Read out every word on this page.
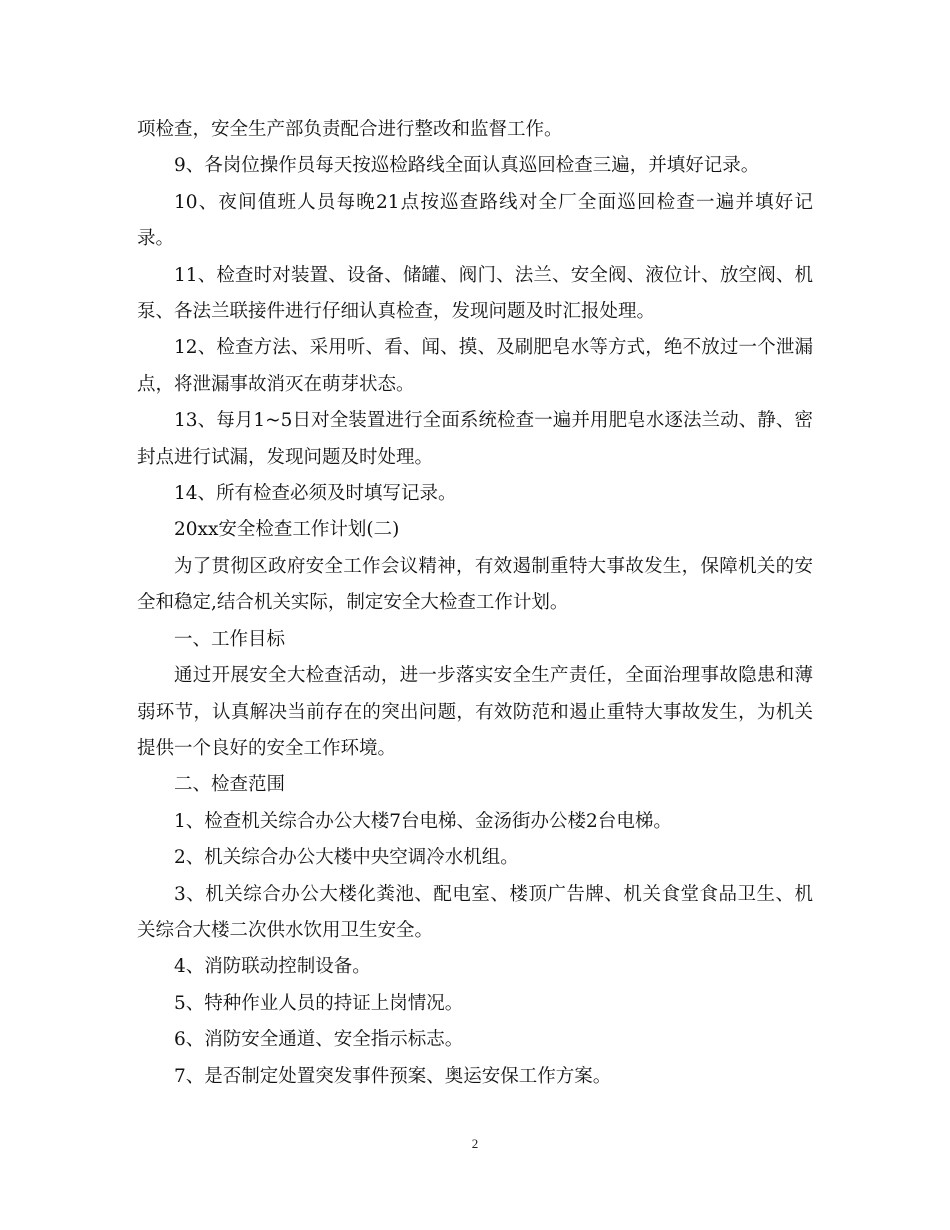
项检查，安全生产部负责配合进行整改和监督工作。

9、各岗位操作员每天按巡检路线全面认真巡回检查三遍，并填好记录。

10、夜间值班人员每晚21点按巡查路线对全厂全面巡回检查一遍并填好记录。

11、检查时对装置、设备、储罐、阀门、法兰、安全阀、液位计、放空阀、机泵、各法兰联接件进行仔细认真检查，发现问题及时汇报处理。

12、检查方法、采用听、看、闻、摸、及刷肥皂水等方式，绝不放过一个泄漏点，将泄漏事故消灭在萌芽状态。

13、每月1~5日对全装置进行全面系统检查一遍并用肥皂水逐法兰动、静、密封点进行试漏，发现问题及时处理。

14、所有检查必须及时填写记录。

20xx安全检查工作计划(二)

为了贯彻区政府安全工作会议精神，有效遏制重特大事故发生，保障机关的安全和稳定,结合机关实际，制定安全大检查工作计划。

一、工作目标

通过开展安全大检查活动，进一步落实安全生产责任，全面治理事故隐患和薄弱环节，认真解决当前存在的突出问题，有效防范和遏止重特大事故发生，为机关提供一个良好的安全工作环境。

二、检查范围

1、检查机关综合办公大楼7台电梯、金汤街办公楼2台电梯。

2、机关综合办公大楼中央空调冷水机组。

3、机关综合办公大楼化粪池、配电室、楼顶广告牌、机关食堂食品卫生、机关综合大楼二次供水饮用卫生安全。

4、消防联动控制设备。

5、特种作业人员的持证上岗情况。

6、消防安全通道、安全指示标志。

7、是否制定处置突发事件预案、奥运安保工作方案。

2
